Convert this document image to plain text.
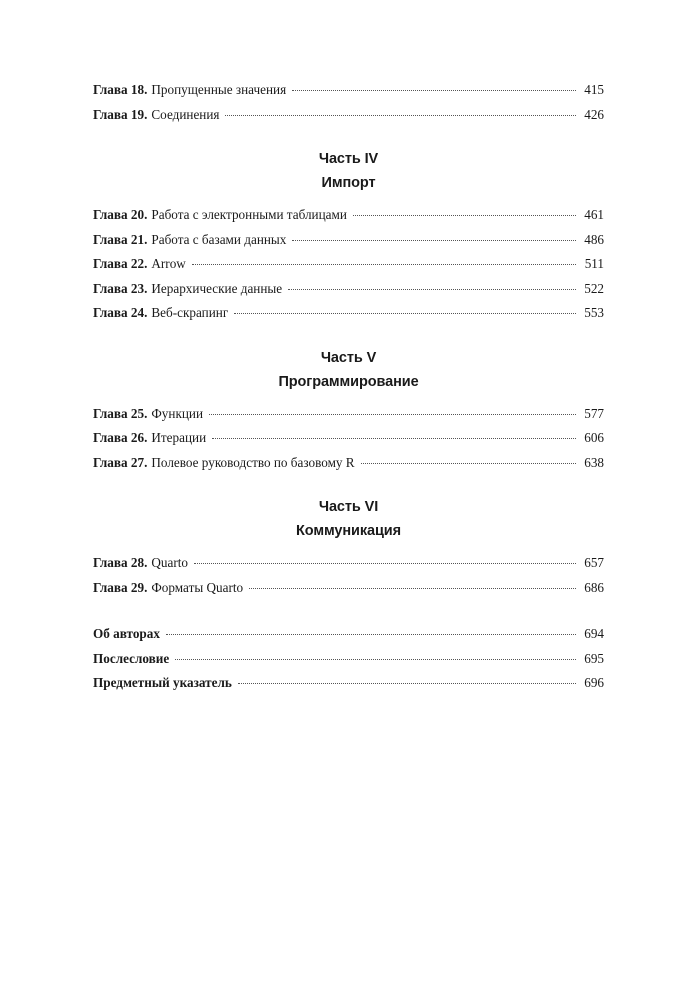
Глава 18. Пропущенные значения	415
Глава 19. Соединения	426
Часть IV
Импорт
Глава 20. Работа с электронными таблицами	461
Глава 21. Работа с базами данных	486
Глава 22. Arrow	511
Глава 23. Иерархические данные	522
Глава 24. Веб-скрапинг	553
Часть V
Программирование
Глава 25. Функции	577
Глава 26. Итерации	606
Глава 27. Полевое руководство по базовому R	638
Часть VI
Коммуникация
Глава 28. Quarto	657
Глава 29. Форматы Quarto	686
Об авторах	694
Послесловие	695
Предметный указатель	696
